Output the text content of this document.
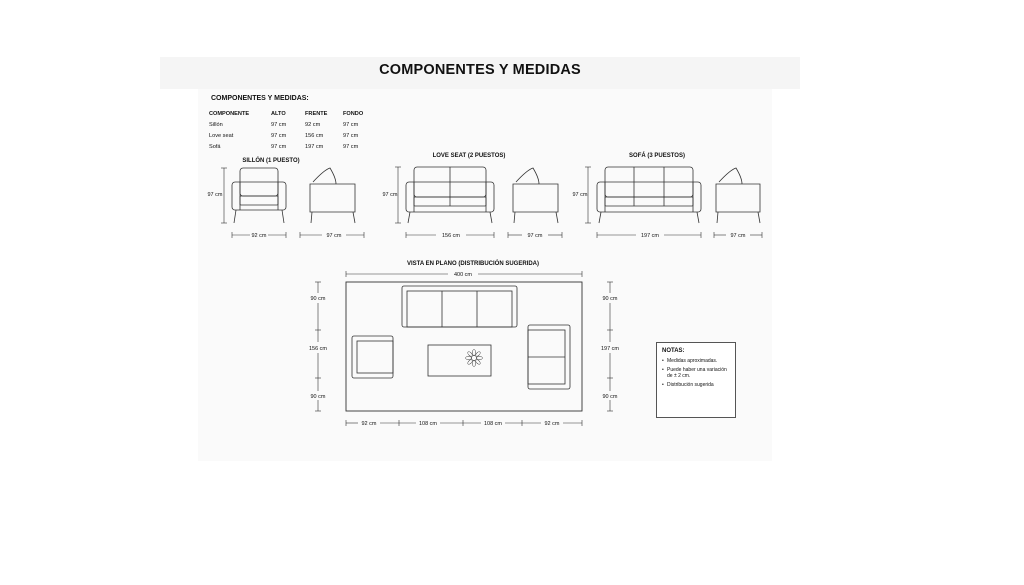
COMPONENTES Y MEDIDAS
COMPONENTES Y MEDIDAS:
COMPONENTE	ALTO	FRENTE	FONDO
Sillón	97 cm	92 cm	97 cm
Love seat	97 cm	156 cm	97 cm
Sofá	97 cm	197 cm	97 cm
SILLÓN (1 PUESTO)
LOVE SEAT (2 PUESTOS)	SOFÁ (3 PUESTOS)
97 cm	97 cm	97 cm
92 cm	97 cm	156 cm	97 cm	197 cm	97 cm
VISTA EN PLANO (DISTRIBUCIÓN SUGERIDA)
400 cm
90 cm
156 cm
90 cm
90 cm
197 cm
90 cm
92 cm	108 cm	108 cm	92 cm
NOTAS:
• Medidas aproximadas.
• Puede haber una variación de ± 2 cm.
• Distribución sugerida
